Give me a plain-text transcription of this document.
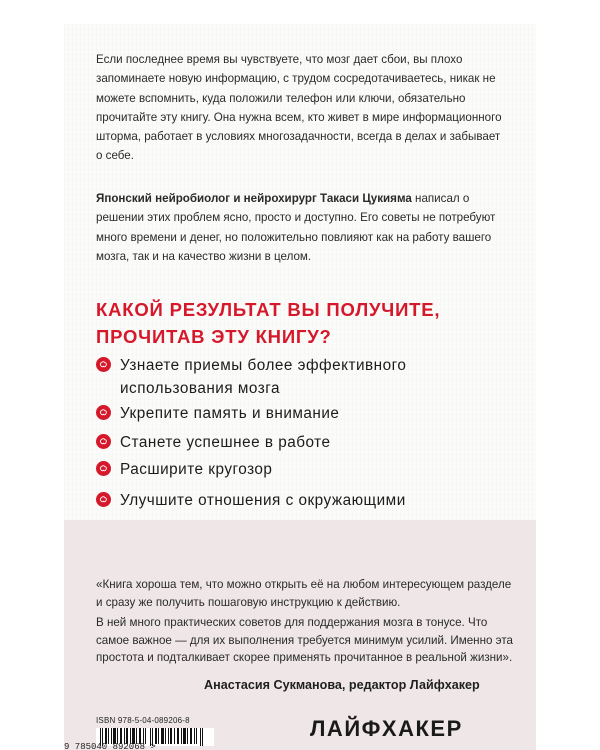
Если последнее время вы чувствуете, что мозг дает сбои, вы плохо запоминаете новую информацию, с трудом сосредотачиваетесь, никак не можете вспомнить, куда положили телефон или ключи, обязательно прочитайте эту книгу. Она нужна всем, кто живет в мире информационного шторма, работает в условиях многозадачности, всегда в делах и забывает о себе.

Японский нейробиолог и нейрохирург Такаси Цукияма написал о решении этих проблем ясно, просто и доступно. Его советы не потребуют много времени и денег, но положительно повлияют как на работу вашего мозга, так и на качество жизни в целом.

КАКОЙ РЕЗУЛЬТАТ ВЫ ПОЛУЧИТЕ,
ПРОЧИТАВ ЭТУ КНИГУ?
Узнаете приемы более эффективного
использования мозга
Укрепите память и внимание
Станете успешнее в работе
Расширите кругозор
Улучшите отношения с окружающими

«Книга хороша тем, что можно открыть её на любом интересующем разделе и сразу же получить пошаговую инструкцию к действию.

В ней много практических советов для поддержания мозга в тонусе. Что самое важное — для их выполнения требуется минимум усилий. Именно эта простота и подталкивает скорее применять прочитанное в реальной жизни».

Анастасия Сукманова, редактор Лайфхакер
ISBN 978-5-04-089206-8
9 785040 892068 >
ЛАЙФХАКЕР
